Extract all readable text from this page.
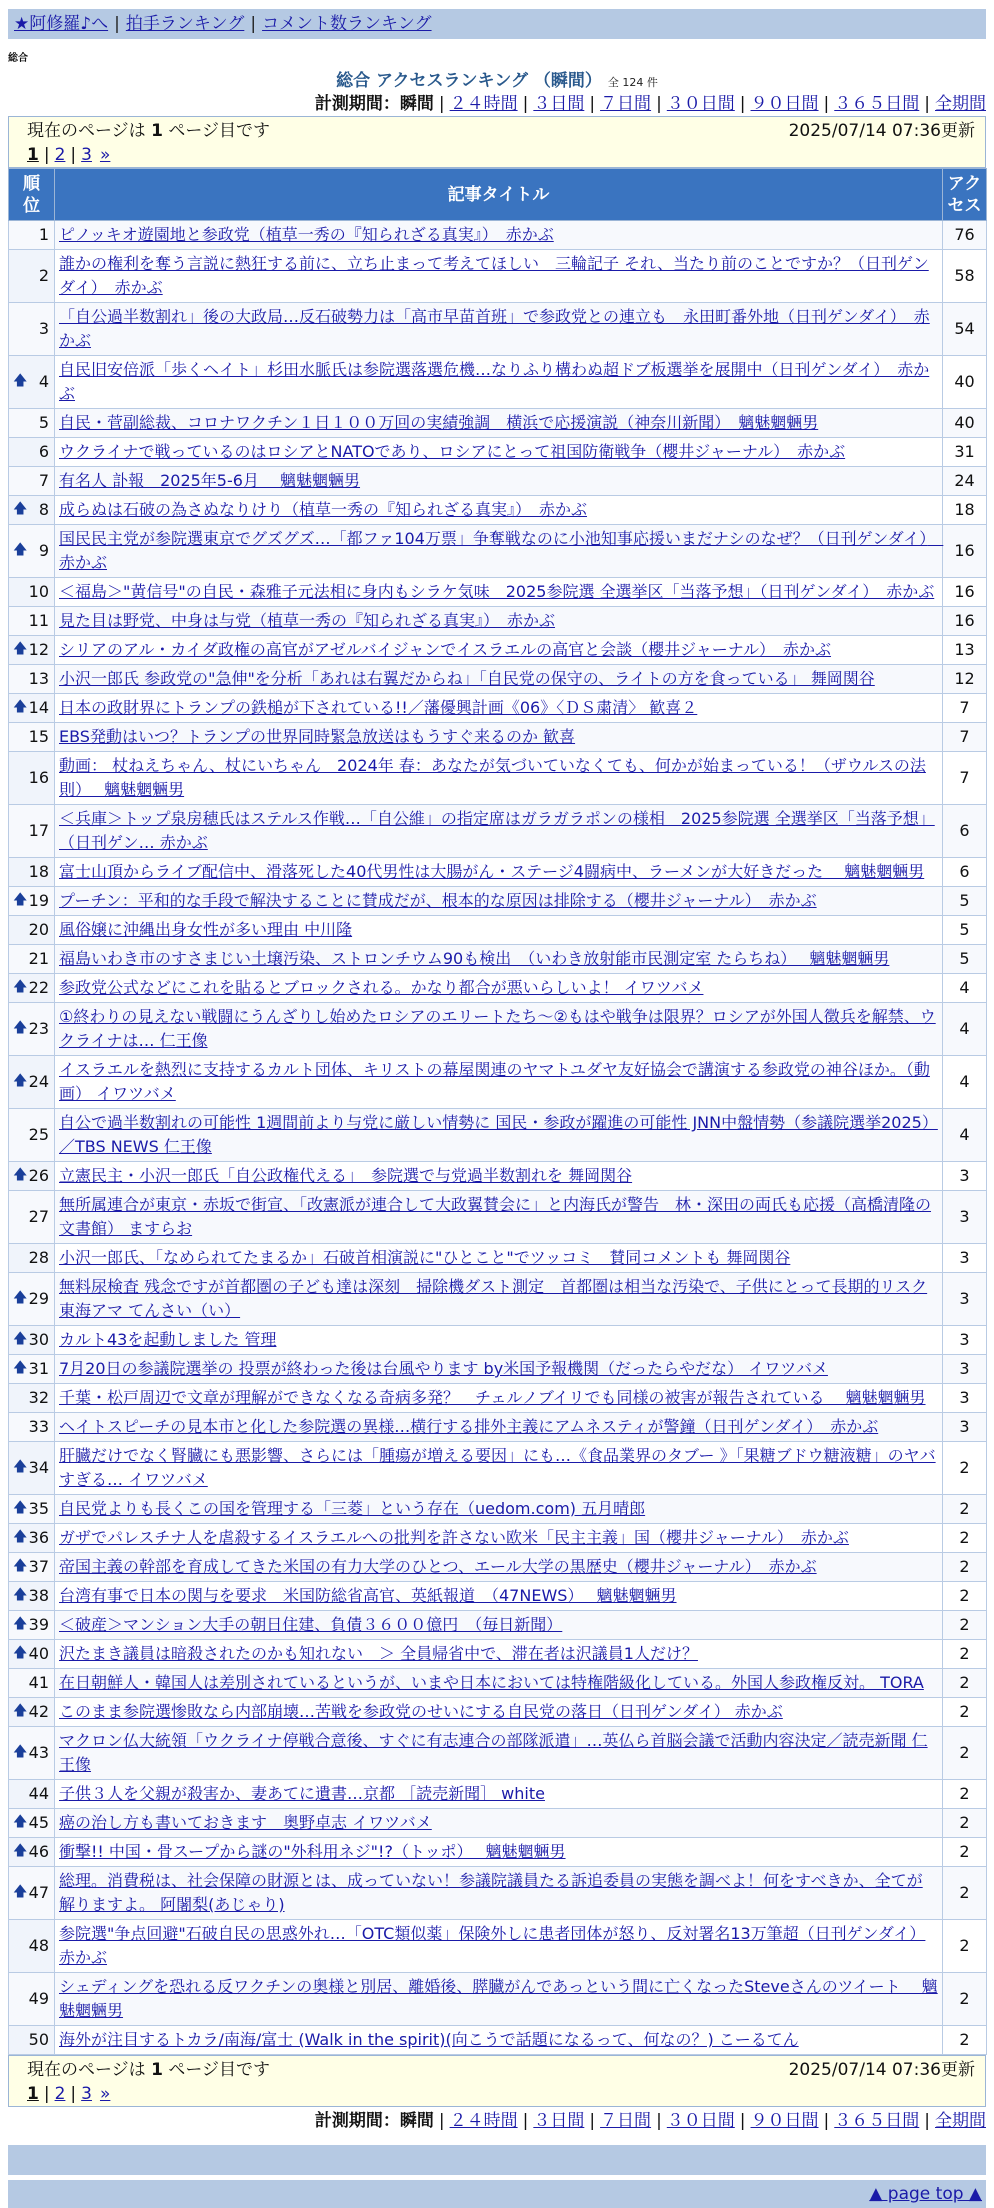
★阿修羅♪へ | 拍手ランキング | コメント数ランキング
総合
総合 アクセスランキング （瞬間） 全 124 件
計測期間：瞬間 | ２４時間 | ３日間 | ７日間 | ３０日間 | ９０日間 | ３６５日間 | 全期間
現在のページは 1 ページ目です	2025/07/14 07:36更新
1 | 2 | 3 »
順位	記事タイトル	アクセス
1	ピノッキオ遊園地と参政党（植草一秀の『知られざる真実』）　赤かぶ	76
2	誰かの権利を奪う言説に熱狂する前に、立ち止まって考えてほしい　三輪記子 それ、当たり前のことですか？（日刊ゲンダイ）　赤かぶ	58
3	「自公過半数割れ」後の大政局…反石破勢力は「高市早苗首班」で参政党との連立も　永田町番外地（日刊ゲンダイ）　赤かぶ	54

🡅 4	自民旧安倍派「歩くヘイト」杉田水脈氏は参院選落選危機…なりふり構わぬ超ドブ板選挙を展開中（日刊ゲンダイ）　赤かぶ	40
5	自民・菅副総裁、コロナワクチン１日１００万回の実績強調　横浜で応援演説（神奈川新聞）　魑魅魍魎男	40
6	ウクライナで戦っているのはロシアとNATOであり、ロシアにとって祖国防衛戦争（櫻井ジャーナル）　赤かぶ	31
7	有名人 訃報　2025年5-6月　 魑魅魍魎男	24

🡅 8	成らぬは石破の為さぬなりけり（植草一秀の『知られざる真実』）　赤かぶ	18

🡅 9	国民民主党が参院選東京でグズグズ…「都ファ104万票」争奪戦なのに小池知事応援いまだナシのなぜ？（日刊ゲンダイ）　赤かぶ	16
10	＜福島＞"黄信号"の自民・森雅子元法相に身内もシラケ気味　2025参院選 全選挙区「当落予想」（日刊ゲンダイ）　赤かぶ	16
11	見た目は野党、中身は与党（植草一秀の『知られざる真実』）　赤かぶ	16

🡅 12	シリアのアル・カイダ政権の高官がアゼルバイジャンでイスラエルの高官と会談（櫻井ジャーナル）　赤かぶ	13
13	小沢一郎氏 参政党の"急伸"を分析「あれは右翼だからね」「自民党の保守の、ライトの方を食っている」 舞岡関谷	12

🡅 14	日本の政財界にトランプの鉄槌が下されている!!／藩優興計画《06》〈ＤＳ粛清〉 歓喜２	7
15	EBS発動はいつ？トランプの世界同時緊急放送はもうすぐ来るのか 歓喜	7
16	動画： 杖ねえちゃん、杖にいちゃん　2024年 春：あなたが気づいていなくても、何かが始まっている！（ザウルスの法則）　 魑魅魍魎男	7
17	＜兵庫＞トップ泉房穂氏はステルス作戦…「自公維」の指定席はガラガラポンの様相　2025参院選 全選挙区「当落予想」（日刊ゲン… 赤かぶ	6
18	富士山頂からライブ配信中、滑落死した40代男性は大腸がん・ステージ4闘病中、ラーメンが大好きだった　 魑魅魍魎男	6

🡅 19	プーチン：平和的な手段で解決することに賛成だが、根本的な原因は排除する（櫻井ジャーナル）　赤かぶ	5
20	風俗嬢に沖縄出身女性が多い理由 中川隆	5
21	福島いわき市のすさまじい土壌汚染、ストロンチウム90も検出　（いわき放射能市民測定室 たらちね）　 魑魅魍魎男	5

🡅 22	参政党公式などにこれを貼るとブロックされる。かなり都合が悪いらしいよ！ イワツバメ	4

🡅 23	①終わりの見えない戦闘にうんざりし始めたロシアのエリートたち〜②もはや戦争は限界？ロシアが外国人徴兵を解禁、ウクライナは… 仁王像	4

🡅 24	イスラエルを熱烈に支持するカルト団体、キリストの幕屋関連のヤマトユダヤ友好協会で講演する参政党の神谷ほか。（動画） イワツバメ	4
25	自公で過半数割れの可能性 1週間前より与党に厳しい情勢に 国民・参政が躍進の可能性 JNN中盤情勢（参議院選挙2025）／TBS NEWS 仁王像	4

🡅 26	立憲民主・小沢一郎氏「自公政権代える」　参院選で与党過半数割れを 舞岡関谷	3
27	無所属連合が東京・赤坂で街宣、「改憲派が連合して大政翼賛会に」と内海氏が警告　林・深田の両氏も応援（高橋清隆の文書館） ますらお	3
28	小沢一郎氏、「なめられてたまるか」石破首相演説に"ひとこと"でツッコミ　賛同コメントも 舞岡関谷	3

🡅 29	無料尿検査 残念ですが首都圏の子ども達は深刻　掃除機ダスト測定　首都圏は相当な汚染で、子供にとって長期的リスク東海アマ てんさい（い）	3

🡅 30	カルト43を起動しました 管理	3

🡅 31	7月20日の参議院選挙の 投票が終わった後は台風やります by米国予報機関（だったらやだな） イワツバメ	3
32	千葉・松戸周辺で文章が理解ができなくなる奇病多発？　チェルノブイリでも同様の被害が報告されている　 魑魅魍魎男	3
33	ヘイトスピーチの見本市と化した参院選の異様…横行する排外主義にアムネスティが警鐘（日刊ゲンダイ）　赤かぶ	3

🡅 34	肝臓だけでなく腎臓にも悪影響、さらには「腫瘍が増える要因」にも…《食品業界のタブー 》「果糖ブドウ糖液糖」のヤバすぎる… イワツバメ	2

🡅 35	自民党よりも長くこの国を管理する「三菱」という存在（uedom.com) 五月晴郎	2

🡅 36	ガザでパレスチナ人を虐殺するイスラエルへの批判を許さない欧米「民主主義」国（櫻井ジャーナル）　赤かぶ	2

🡅 37	帝国主義の幹部を育成してきた米国の有力大学のひとつ、エール大学の黒歴史（櫻井ジャーナル）　赤かぶ	2

🡅 38	台湾有事で日本の関与を要求　米国防総省高官、英紙報道　（47NEWS）　 魑魅魍魎男	2

🡅 39	＜破産＞マンション大手の朝日住建、負債３６００億円　（毎日新聞）	2

🡅 40	沢たまき議員は暗殺されたのかも知れない　＞ 全員帰省中で、滞在者は沢議員1人だけ？	2
41	在日朝鮮人・韓国人は差別されているというが、いまや日本においては特権階級化している。外国人参政権反対。 TORA	2

🡅 42	このまま参院選惨敗なら内部崩壊…苦戦を参政党のせいにする自民党の落日（日刊ゲンダイ） 赤かぶ	2

🡅 43	マクロン仏大統領「ウクライナ停戦合意後、すぐに有志連合の部隊派遣」…英仏ら首脳会議で活動内容決定／読売新聞 仁王像	2
44	子供３人を父親が殺害か、妻あてに遺書…京都 ［読売新聞］ white	2

🡅 45	癌の治し方も書いておきます　奥野卓志 イワツバメ	2

🡅 46	衝撃!! 中国・骨スープから謎の"外科用ネジ"!?（トッポ）　 魑魅魍魎男	2

🡅 47	総理。消費税は、社会保障の財源とは、成っていない！参議院議員たる訴追委員の実態を調べよ！何をすべきか、全てが解りますよ。 阿闍梨(あじゃり)	2
48	参院選"争点回避"石破自民の思惑外れ…「OTC類似薬」保険外しに患者団体が怒り、反対署名13万筆超（日刊ゲンダイ） 赤かぶ	2
49	シェディングを恐れる反ワクチンの奥様と別居、離婚後、膵臓がんであっという間に亡くなったSteveさんのツイート　 魑魅魍魎男	2
50	海外が注目するトカラ/南海/富士 (Walk in the spirit)(向こうで話題になるって、何なの？) こーるてん	2
現在のページは 1 ページ目です	2025/07/14 07:36更新
1 | 2 | 3 »
計測期間：瞬間 | ２４時間 | ３日間 | ７日間 | ３０日間 | ９０日間 | ３６５日間 | 全期間
▲ page top ▲
